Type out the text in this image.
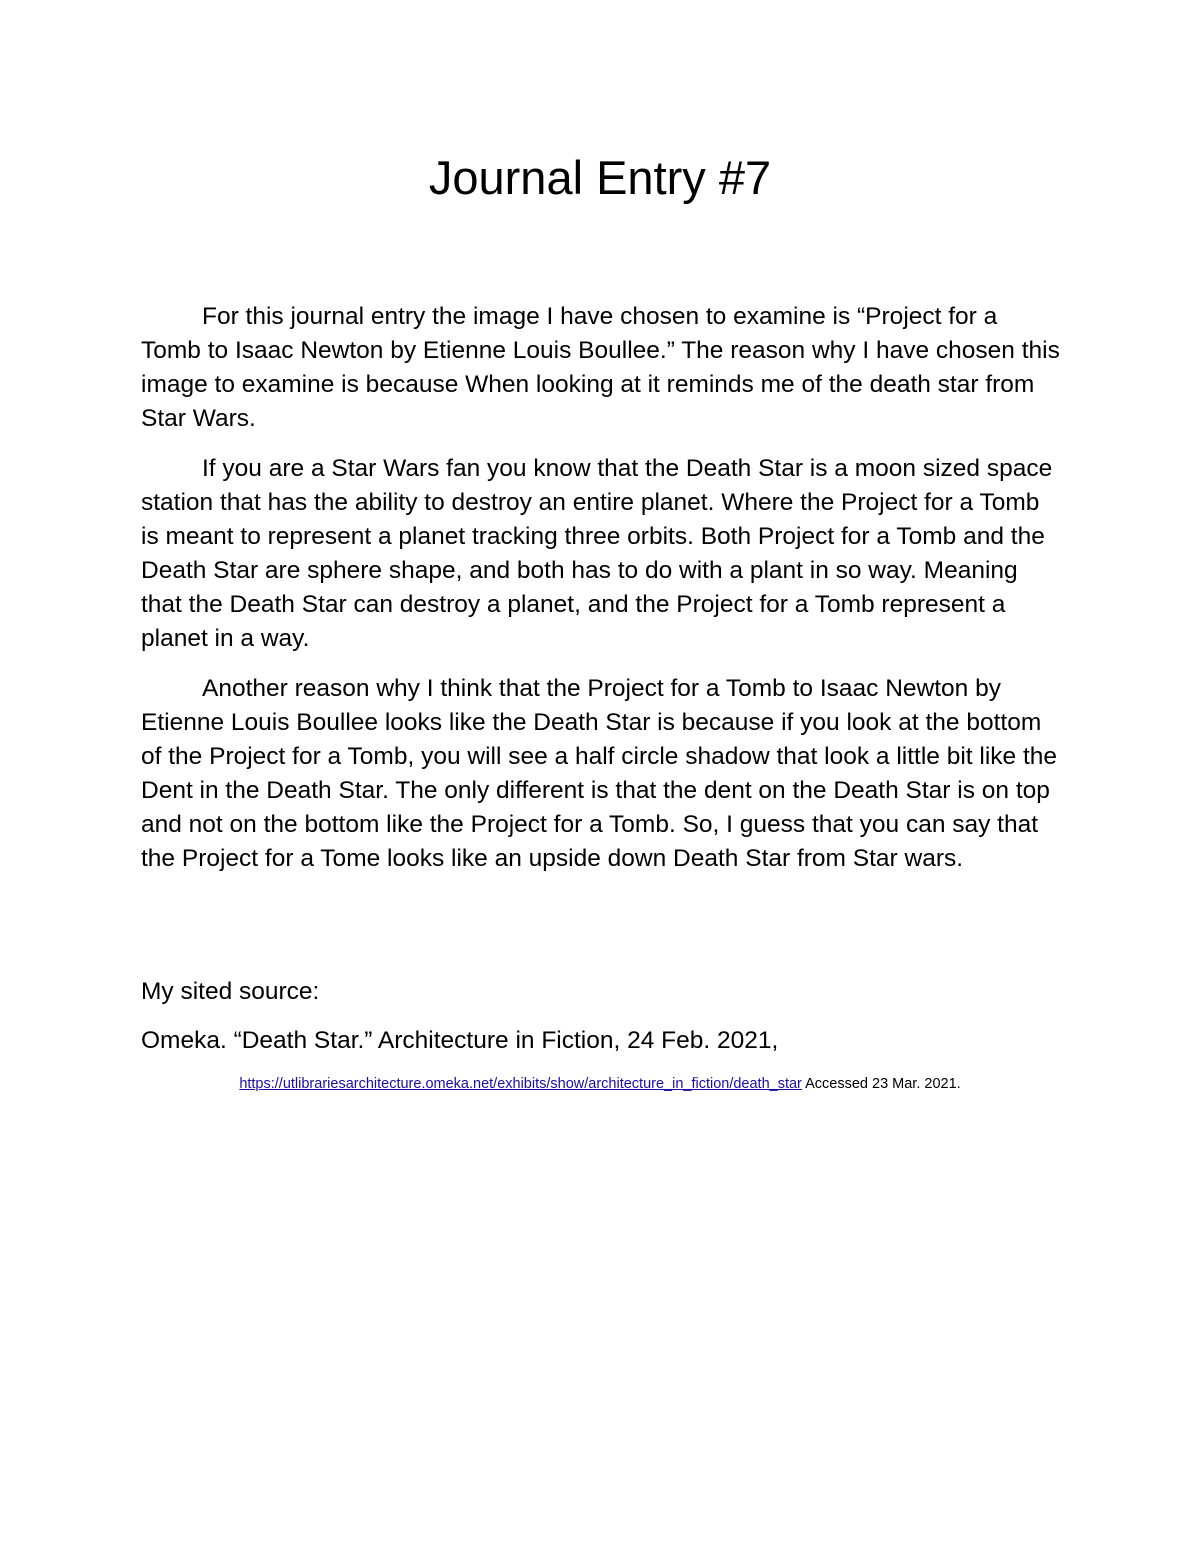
Journal Entry #7

For this journal entry the image I have chosen to examine is “Project for a Tomb to Isaac Newton by Etienne Louis Boullee.” The reason why I have chosen this image to examine is because When looking at it reminds me of the death star from Star Wars.

If you are a Star Wars fan you know that the Death Star is a moon sized space station that has the ability to destroy an entire planet. Where the Project for a Tomb is meant to represent a planet tracking three orbits. Both Project for a Tomb and the Death Star are sphere shape, and both has to do with a plant in so way. Meaning that the Death Star can destroy a planet, and the Project for a Tomb represent a planet in a way.

Another reason why I think that the Project for a Tomb to Isaac Newton by Etienne Louis Boullee looks like the Death Star is because if you look at the bottom of the Project for a Tomb, you will see a half circle shadow that look a little bit like the Dent in the Death Star. The only different is that the dent on the Death Star is on top and not on the bottom like the Project for a Tomb. So, I guess that you can say that the Project for a Tome looks like an upside down Death Star from Star wars.

My sited source:

Omeka. “Death Star.” Architecture in Fiction, 24 Feb. 2021,

https://utlibrariesarchitecture.omeka.net/exhibits/show/architecture_in_fiction/death_star Accessed 23 Mar. 2021.
